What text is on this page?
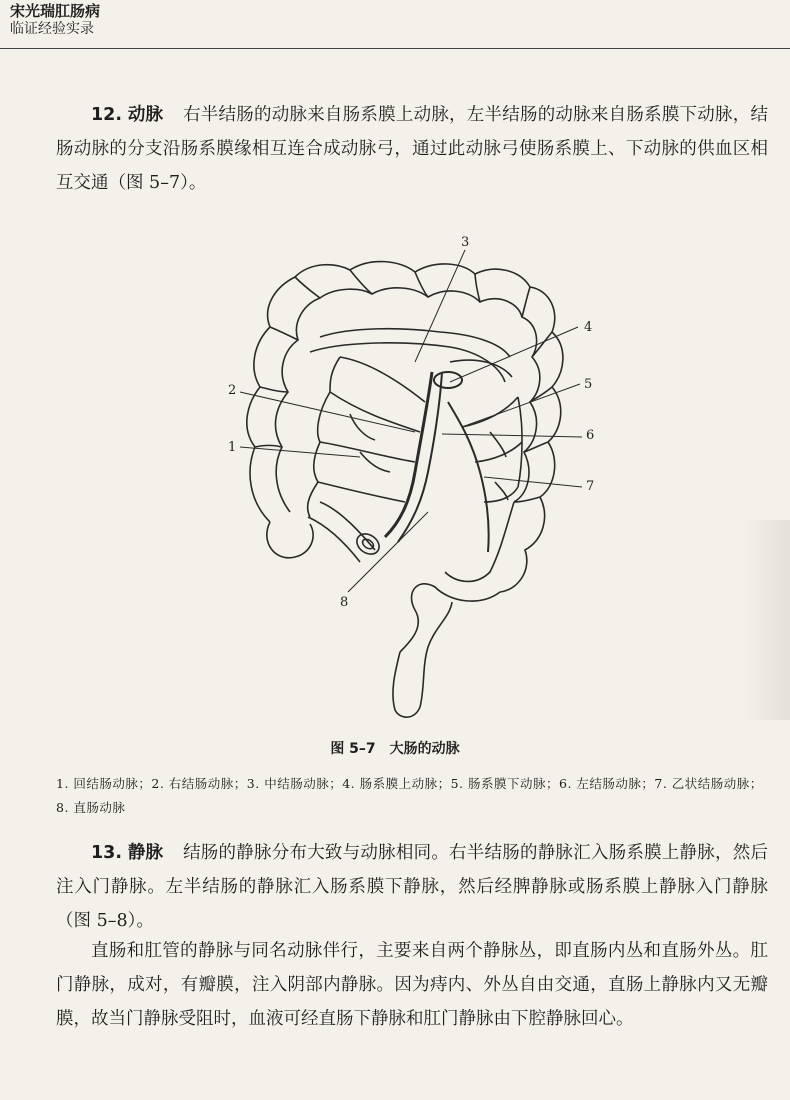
宋光瑞肛肠病
临证经验实录
12. 动脉 右半结肠的动脉来自肠系膜上动脉，左半结肠的动脉来自肠系膜下动脉，结肠动脉的分支沿肠系膜缘相互连合成动脉弓，通过此动脉弓使肠系膜上、下动脉的供血区相互交通（图 5–7）。
3
4
5
2
1
6
7
8
图 5–7　大肠的动脉
1. 回结肠动脉；2. 右结肠动脉；3. 中结肠动脉；4. 肠系膜上动脉；5. 肠系膜下动脉；6. 左结肠动脉；7. 乙状结肠动脉；8. 直肠动脉
13. 静脉 结肠的静脉分布大致与动脉相同。右半结肠的静脉汇入肠系膜上静脉，然后注入门静脉。左半结肠的静脉汇入肠系膜下静脉，然后经脾静脉或肠系膜上静脉入门静脉（图 5–8）。
直肠和肛管的静脉与同名动脉伴行，主要来自两个静脉丛，即直肠内丛和直肠外丛。肛门静脉，成对，有瓣膜，注入阴部内静脉。因为痔内、外丛自由交通，直肠上静脉内又无瓣膜，故当门静脉受阻时，血液可经直肠下静脉和肛门静脉由下腔静脉回心。
